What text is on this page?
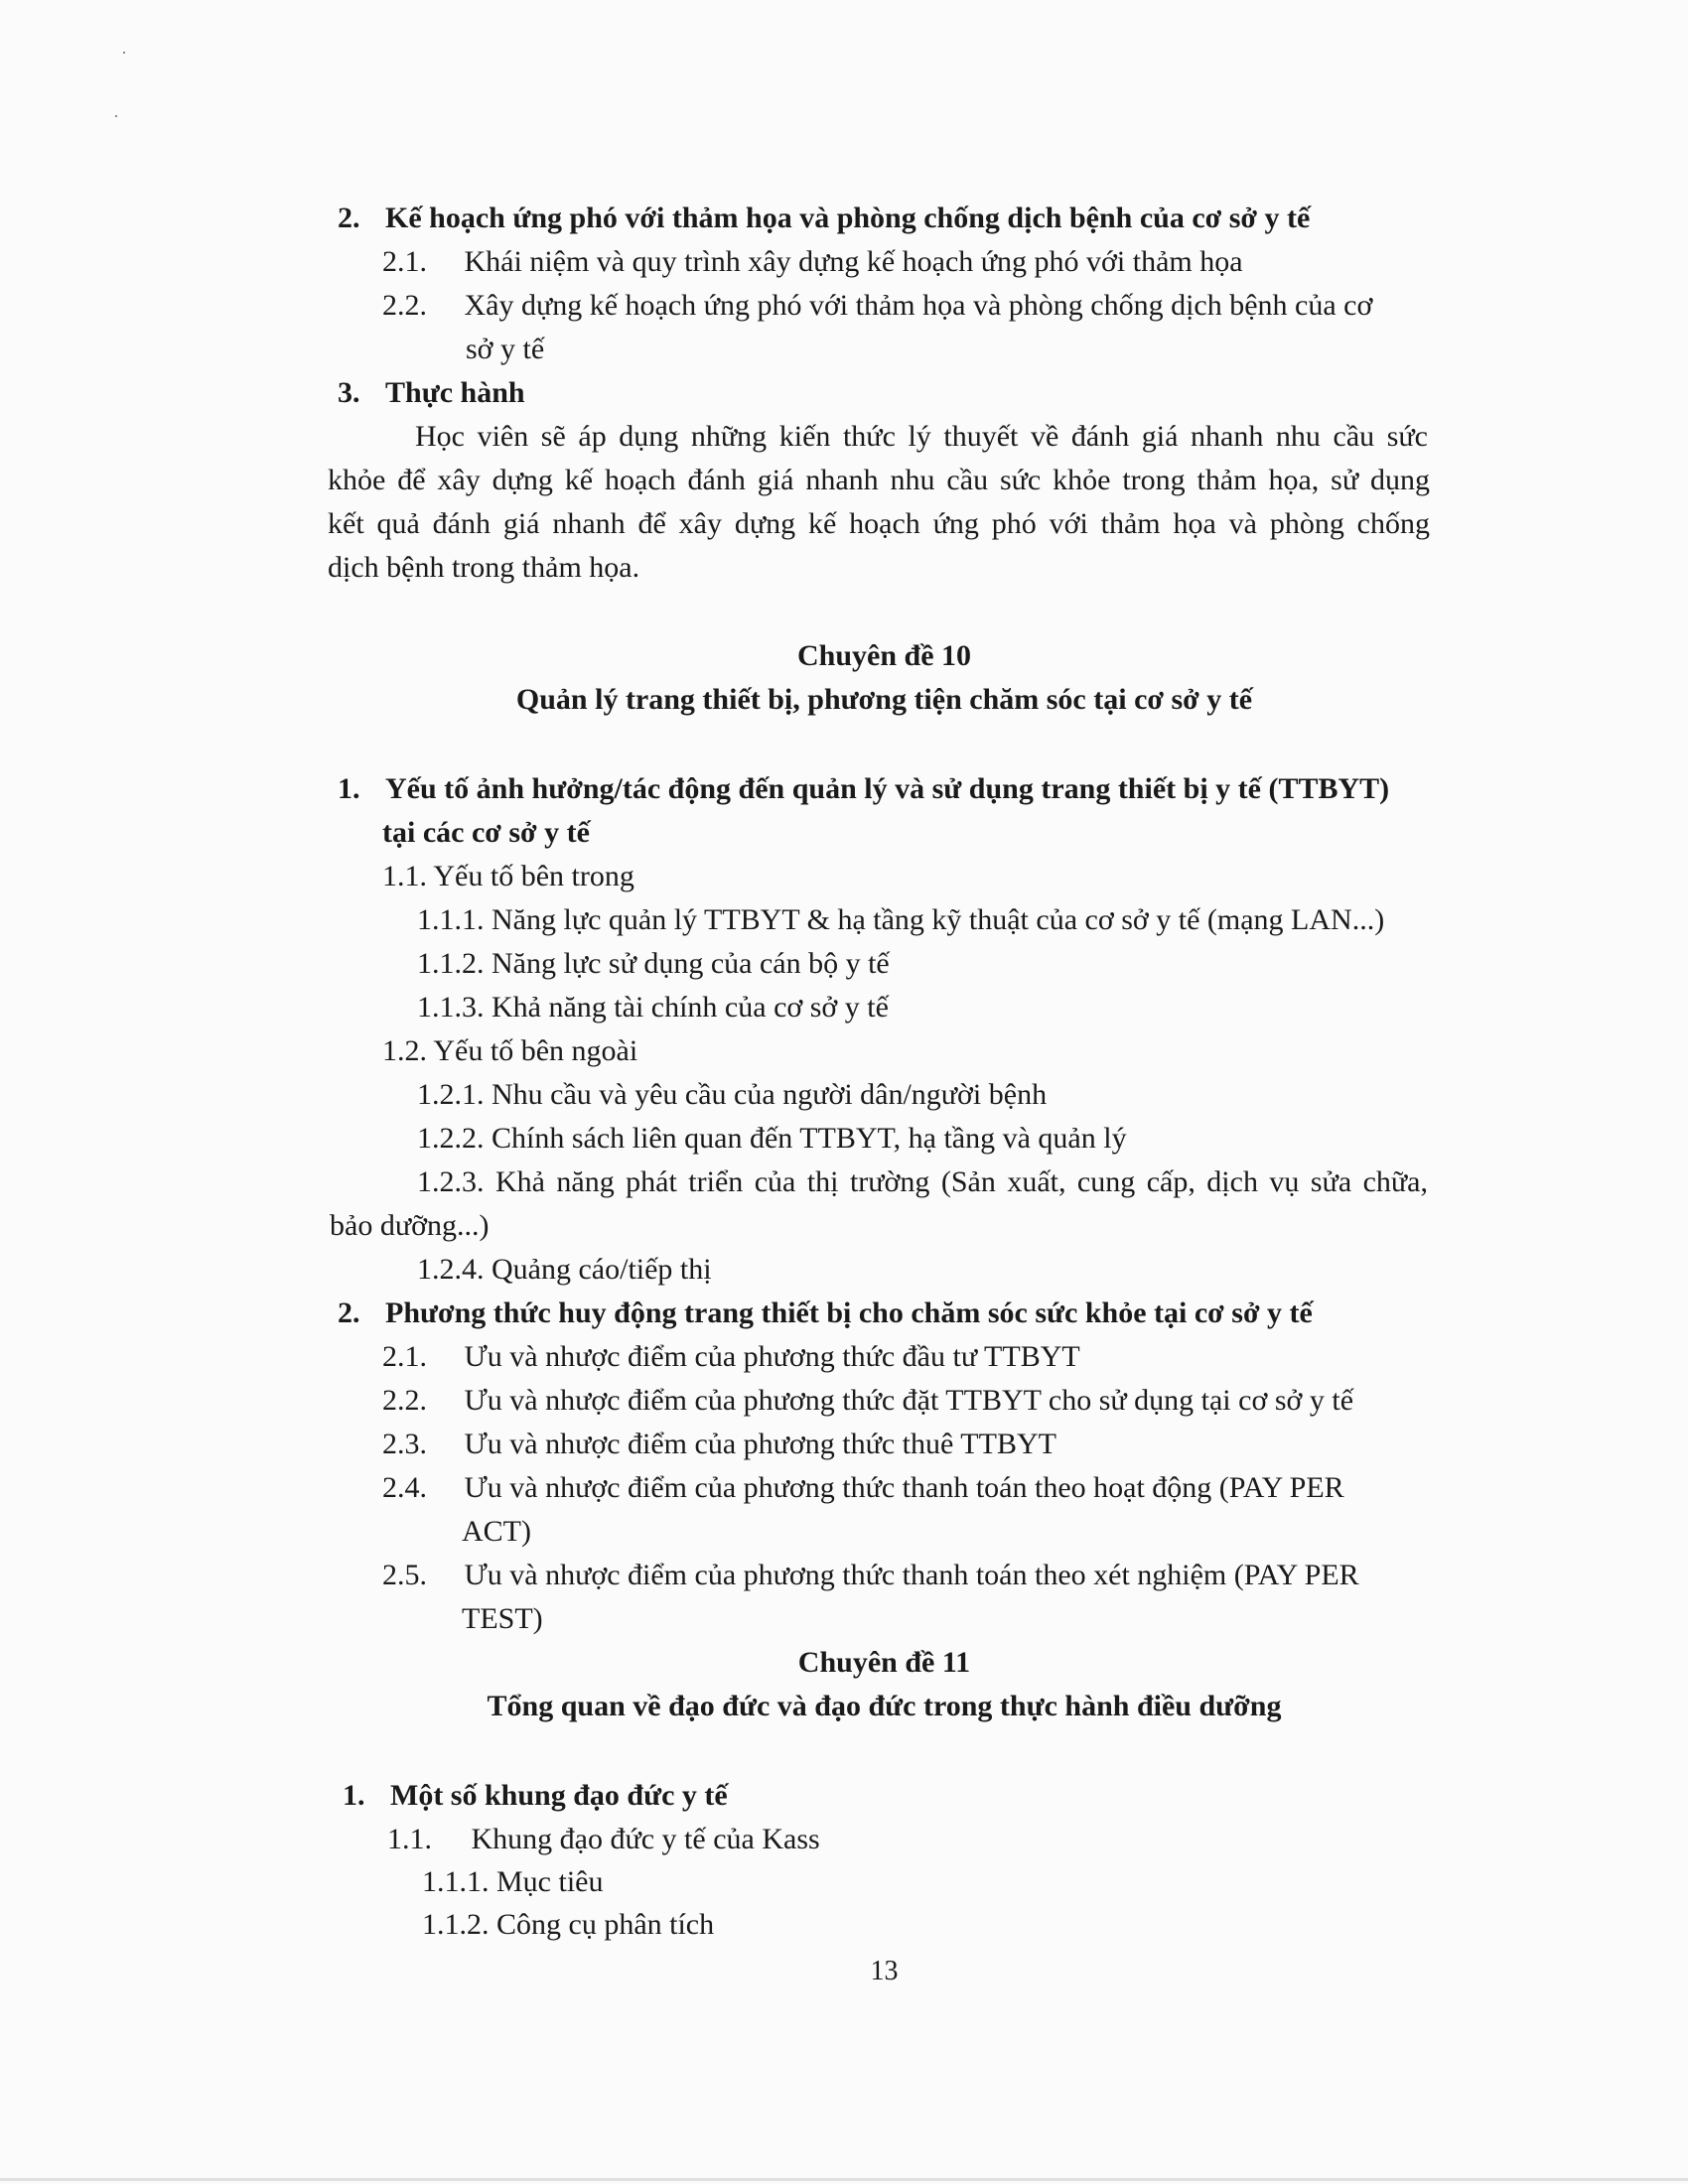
2. Kế hoạch ứng phó với thảm họa và phòng chống dịch bệnh của cơ sở y tế
2.1. Khái niệm và quy trình xây dựng kế hoạch ứng phó với thảm họa
2.2. Xây dựng kế hoạch ứng phó với thảm họa và phòng chống dịch bệnh của cơ
sở y tế
3. Thực hành
Học viên sẽ áp dụng những kiến thức lý thuyết về đánh giá nhanh nhu cầu sức
khỏe để xây dựng kế hoạch đánh giá nhanh nhu cầu sức khỏe trong thảm họa, sử dụng
kết quả đánh giá nhanh để xây dựng kế hoạch ứng phó với thảm họa và phòng chống
dịch bệnh trong thảm họa.
Chuyên đề 10
Quản lý trang thiết bị, phương tiện chăm sóc tại cơ sở y tế
1. Yếu tố ảnh hưởng/tác động đến quản lý và sử dụng trang thiết bị y tế (TTBYT)
tại các cơ sở y tế
1.1. Yếu tố bên trong
1.1.1. Năng lực quản lý TTBYT & hạ tầng kỹ thuật của cơ sở y tế (mạng LAN...)
1.1.2. Năng lực sử dụng của cán bộ y tế
1.1.3. Khả năng tài chính của cơ sở y tế
1.2. Yếu tố bên ngoài
1.2.1. Nhu cầu và yêu cầu của người dân/người bệnh
1.2.2. Chính sách liên quan đến TTBYT, hạ tầng và quản lý
1.2.3. Khả năng phát triển của thị trường (Sản xuất, cung cấp, dịch vụ sửa chữa,
bảo dưỡng...)
1.2.4. Quảng cáo/tiếp thị
2. Phương thức huy động trang thiết bị cho chăm sóc sức khỏe tại cơ sở y tế
2.1. Ưu và nhược điểm của phương thức đầu tư TTBYT
2.2. Ưu và nhược điểm của phương thức đặt TTBYT cho sử dụng tại cơ sở y tế
2.3. Ưu và nhược điểm của phương thức thuê TTBYT
2.4. Ưu và nhược điểm của phương thức thanh toán theo hoạt động (PAY PER
ACT)
2.5. Ưu và nhược điểm của phương thức thanh toán theo xét nghiệm (PAY PER
TEST)
Chuyên đề 11
Tổng quan về đạo đức và đạo đức trong thực hành điều dưỡng
1. Một số khung đạo đức y tế
1.1. Khung đạo đức y tế của Kass
1.1.1. Mục tiêu
1.1.2. Công cụ phân tích
13
